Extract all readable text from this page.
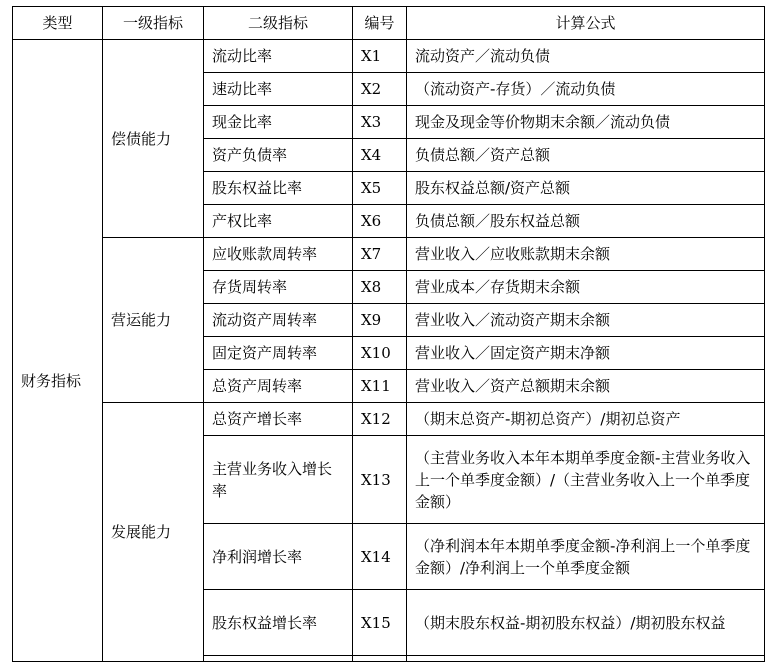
类型	一级指标	二级指标	编号	计算公式
财务指标	偿债能力	流动比率	X1	流动资产／流动负债
		速动比率	X2	（流动资产-存货）／流动负债
		现金比率	X3	现金及现金等价物期末余额／流动负债
		资产负债率	X4	负债总额／资产总额
		股东权益比率	X5	股东权益总额/资产总额
		产权比率	X6	负债总额／股东权益总额
	营运能力	应收账款周转率	X7	营业收入／应收账款期末余额
		存货周转率	X8	营业成本／存货期末余额
		流动资产周转率	X9	营业收入／流动资产期末余额
		固定资产周转率	X10	营业收入／固定资产期末净额
		总资产周转率	X11	营业收入／资产总额期末余额
	发展能力	总资产增长率	X12	（期末总资产-期初总资产）/期初总资产
		主营业务收入增长率	X13	（主营业务收入本年本期单季度金额-主营业务收入上一个单季度金额）/（主营业务收入上一个单季度金额）
		净利润增长率	X14	（净利润本年本期单季度金额-净利润上一个单季度金额）/净利润上一个单季度金额
		股东权益增长率	X15	（期末股东权益-期初股东权益）/期初股东权益
